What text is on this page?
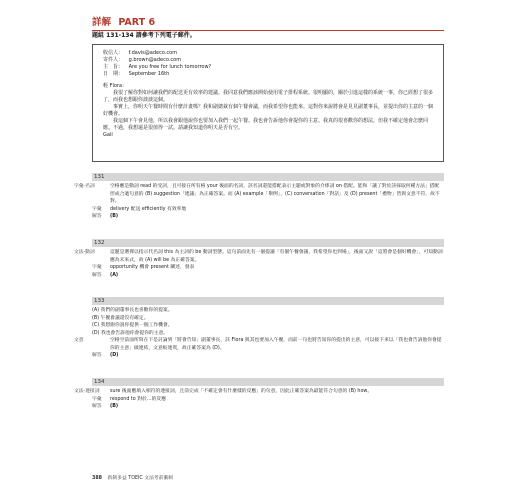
詳解 PART 6
題組 131-134 請參考下列電子郵件。
收信人： f.davis@adeco.com
寄件人： g.brown@adeco.com
主　旨： Are you free for lunch tomorrow?
日　期： September 16th
輕 Flora：

我很了解你對如何讓我們的配送更有效率的建議。我同意我們應該開始使用電子排程系統。很明顯的，關於引進這樣的系統一事，你已經想了很多了，而我也想跟你談談這個。

事實上，你明天午餐時間有什麼計畫嗎？我和副總裁有個午餐會議，而我希望你也能來。這對你來說將會是見見副董事長，並提出你的主意的一個好機會。

我這個下午會見他，所以我會跟他說你也要加入我們一起午餐。我也會告訴他你會提你的主意。我真的很喜歡你的想法，但我不確定他會怎麼回應。不過，我想還是很值得一試。請讓我知道你明天是否有空。

Gail
131

字彙‧名詞	空格應是動詞 read 的受詞，且可接在所有格 your 後面的名詞，該名詞還能搭配表示主題或對象的介係詞 on 搭配。能和「讓了對於該採取何種方法」搭配形成合適句意的 (B) suggestion「建議」為正確答案。而 (A) example「舉例」、(C) conversation「對話」及 (D) present「禮物」皆與文意不符，故不對。

字彙 delivery 配送 efficiently 有效率地

解答 (B)

132

文法‧動詞	這題是選擇以指示代名詞 this 為主詞的 be 動詞型態。這句前面先有一個提議「有個午餐會議，我希望你也到場」，後面又說「這將會是個好機會」，可知動詞應為未來式，故 (A) will be 為正確答案。

字彙 opportunity 機會 present 闡述，發表

解答 (A)

133

(A) 我們的副董事長也喜歡你的提案。

(B) 午餐會議還沒有確定。

(C) 我想跟你說你提供一個工作機會。

(D) 我也會告訴他你會提你的主意。

文意	空格空前面所寫在下是討論到「將會告知」副董事長，該 Flora 與其也要加入午餐，而前一句也將告知你的提出的主意，可以接下來以「我也會告訴他你會提你的主意」做連結，文意較連貫，故正確答案為 (D)。

解答 (D)

134

文法‧連接詞 sure 後面應填入相符的連接詞，且前完成「不確定會有什麼樣的反應」的句意，因此正確答案為最能符合句意的 (B) how。

字彙 respond to 對於…的反應

解答 (B)

388 新制多益 TOEIC 文法考前衝刺
